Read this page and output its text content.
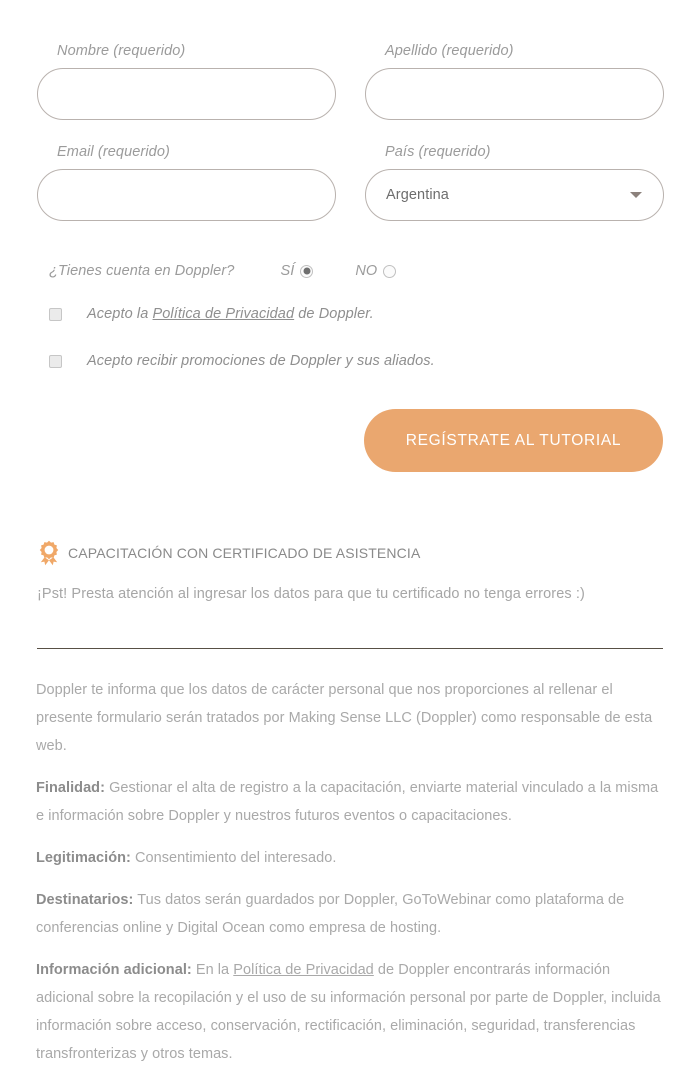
Nombre (requerido)	Apellido (requerido)
Email (requerido)	País (requerido)
Argentina
¿Tienes cuenta en Doppler?	SÍ	NO
Acepto la Política de Privacidad de Doppler.
Acepto recibir promociones de Doppler y sus aliados.
REGÍSTRATE AL TUTORIAL
CAPACITACIÓN CON CERTIFICADO DE ASISTENCIA
¡Pst! Presta atención al ingresar los datos para que tu certificado no tenga errores :)

Doppler te informa que los datos de carácter personal que nos proporciones al rellenar el presente formulario serán tratados por Making Sense LLC (Doppler) como responsable de esta web.

Finalidad: Gestionar el alta de registro a la capacitación, enviarte material vinculado a la misma e información sobre Doppler y nuestros futuros eventos o capacitaciones.

Legitimación: Consentimiento del interesado.

Destinatarios: Tus datos serán guardados por Doppler, GoToWebinar como plataforma de conferencias online y Digital Ocean como empresa de hosting.

Información adicional: En la Política de Privacidad de Doppler encontrarás información adicional sobre la recopilación y el uso de su información personal por parte de Doppler, incluida información sobre acceso, conservación, rectificación, eliminación, seguridad, transferencias transfronterizas y otros temas.
